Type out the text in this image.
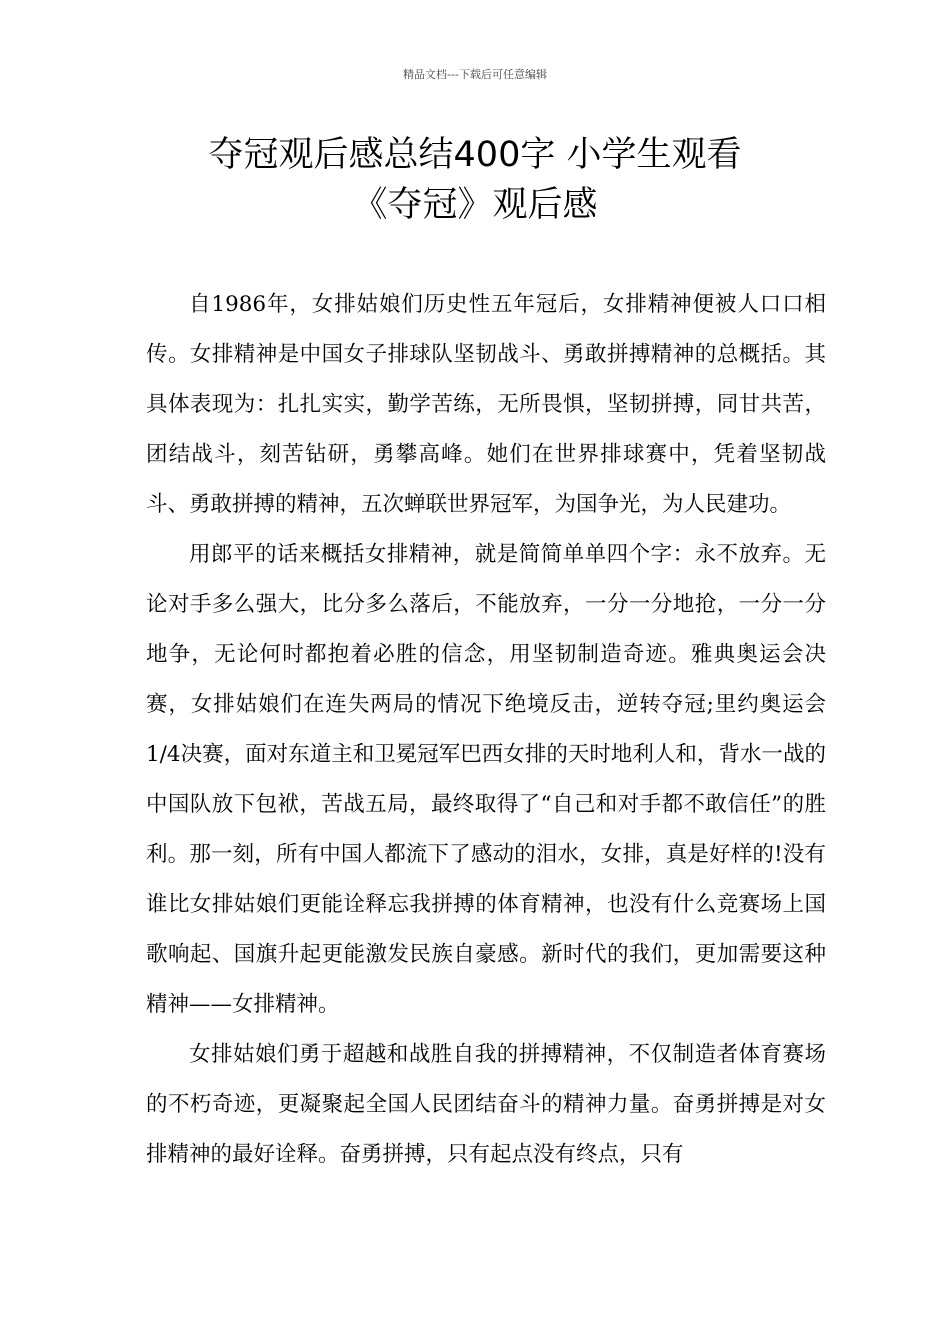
精品文档---下载后可任意编辑
夺冠观后感总结400字 小学生观看
《夺冠》观后感

自1986年，女排姑娘们历史性五年冠后，女排精神便被人口口相传。女排精神是中国女子排球队坚韧战斗、勇敢拼搏精神的总概括。其具体表现为：扎扎实实，勤学苦练，无所畏惧，坚韧拼搏，同甘共苦，团结战斗，刻苦钻研，勇攀高峰。她们在世界排球赛中，凭着坚韧战斗、勇敢拼搏的精神，五次蝉联世界冠军，为国争光，为人民建功。

用郎平的话来概括女排精神，就是简简单单四个字：永不放弃。无论对手多么强大，比分多么落后，不能放弃，一分一分地抢，一分一分地争，无论何时都抱着必胜的信念，用坚韧制造奇迹。雅典奥运会决赛，女排姑娘们在连失两局的情况下绝境反击，逆转夺冠;里约奥运会1/4决赛，面对东道主和卫冕冠军巴西女排的天时地利人和，背水一战的中国队放下包袱，苦战五局，最终取得了“自己和对手都不敢信任”的胜利。那一刻，所有中国人都流下了感动的泪水，女排，真是好样的!没有谁比女排姑娘们更能诠释忘我拼搏的体育精神，也没有什么竞赛场上国歌响起、国旗升起更能激发民族自豪感。新时代的我们，更加需要这种精神——女排精神。

女排姑娘们勇于超越和战胜自我的拼搏精神，不仅制造者体育赛场的不朽奇迹，更凝聚起全国人民团结奋斗的精神力量。奋勇拼搏是对女排精神的最好诠释。奋勇拼搏，只有起点没有终点，只有
